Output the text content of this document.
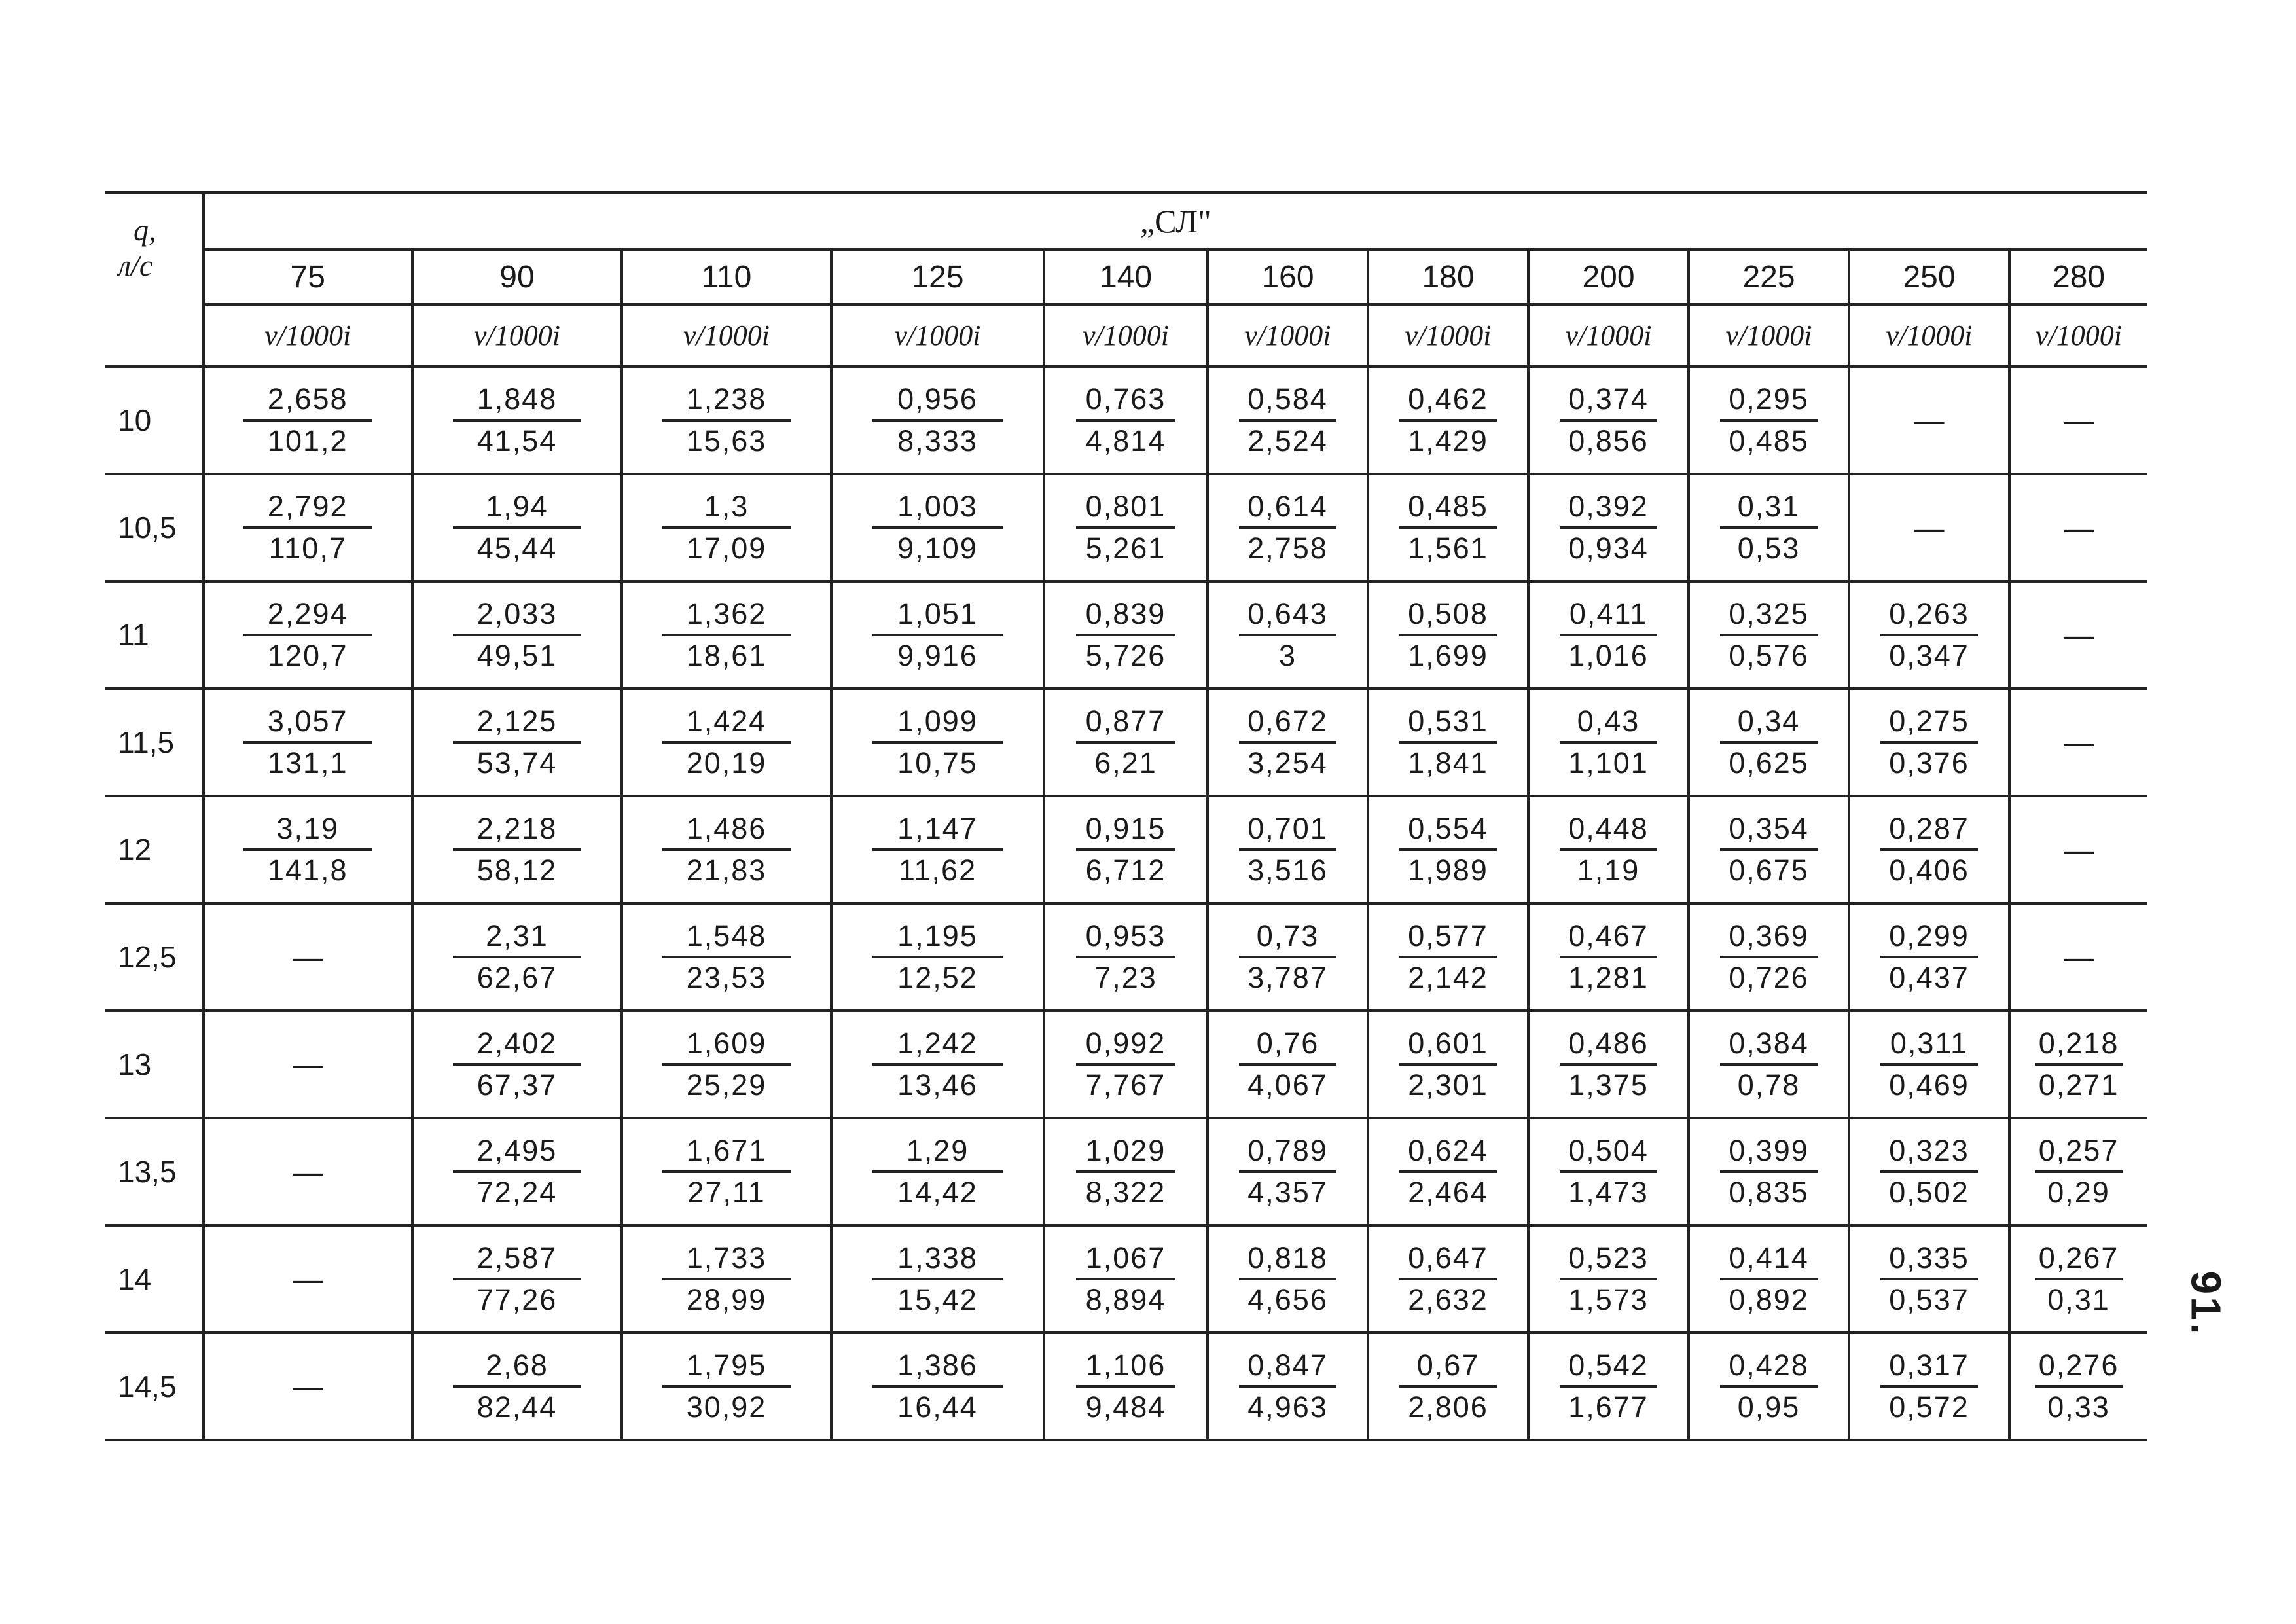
q,
л/с	„СЛ"										
	75	90	110	125	140	160	180	200	225	250	280
	v/1000i	v/1000i	v/1000i	v/1000i	v/1000i	v/1000i	v/1000i	v/1000i	v/1000i	v/1000i	v/1000i
10	$\frac{2,658}{101,2}$	$\frac{1,848}{41,54}$	$\frac{1,238}{15,63}$	$\frac{0,956}{8,333}$	$\frac{0,763}{4,814}$	$\frac{0,584}{2,524}$	$\frac{0,462}{1,429}$	$\frac{0,374}{0,856}$	$\frac{0,295}{0,485}$	—	—
10,5	$\frac{2,792}{110,7}$	$\frac{1,94}{45,44}$	$\frac{1,3}{17,09}$	$\frac{1,003}{9,109}$	$\frac{0,801}{5,261}$	$\frac{0,614}{2,758}$	$\frac{0,485}{1,561}$	$\frac{0,392}{0,934}$	$\frac{0,31}{0,53}$	—	—
11	$\frac{2,294}{120,7}$	$\frac{2,033}{49,51}$	$\frac{1,362}{18,61}$	$\frac{1,051}{9,916}$	$\frac{0,839}{5,726}$	$\frac{0,643}{3}$	$\frac{0,508}{1,699}$	$\frac{0,411}{1,016}$	$\frac{0,325}{0,576}$	$\frac{0,263}{0,347}$	—
11,5	$\frac{3,057}{131,1}$	$\frac{2,125}{53,74}$	$\frac{1,424}{20,19}$	$\frac{1,099}{10,75}$	$\frac{0,877}{6,21}$	$\frac{0,672}{3,254}$	$\frac{0,531}{1,841}$	$\frac{0,43}{1,101}$	$\frac{0,34}{0,625}$	$\frac{0,275}{0,376}$	—
12	$\frac{3,19}{141,8}$	$\frac{2,218}{58,12}$	$\frac{1,486}{21,83}$	$\frac{1,147}{11,62}$	$\frac{0,915}{6,712}$	$\frac{0,701}{3,516}$	$\frac{0,554}{1,989}$	$\frac{0,448}{1,19}$	$\frac{0,354}{0,675}$	$\frac{0,287}{0,406}$	—
12,5	—	$\frac{2,31}{62,67}$	$\frac{1,548}{23,53}$	$\frac{1,195}{12,52}$	$\frac{0,953}{7,23}$	$\frac{0,73}{3,787}$	$\frac{0,577}{2,142}$	$\frac{0,467}{1,281}$	$\frac{0,369}{0,726}$	$\frac{0,299}{0,437}$	—
13	—	$\frac{2,402}{67,37}$	$\frac{1,609}{25,29}$	$\frac{1,242}{13,46}$	$\frac{0,992}{7,767}$	$\frac{0,76}{4,067}$	$\frac{0,601}{2,301}$	$\frac{0,486}{1,375}$	$\frac{0,384}{0,78}$	$\frac{0,311}{0,469}$	$\frac{0,218}{0,271}$

13,5	—	$\frac{2,495}{72,24}$	$\frac{1,671}{27,11}$	$\frac{1,29}{14,42}$	$\frac{1,029}{8,322}$	$\frac{0,789}{4,357}$	$\frac{0,624}{2,464}$	$\frac{0,504}{1,473}$	$\frac{0,399}{0,835}$	$\frac{0,323}{0,502}$	$\frac{0,257}{0,29}$

14	—	$\frac{2,587}{77,26}$	$\frac{1,733}{28,99}$	$\frac{1,338}{15,42}$	$\frac{1,067}{8,894}$	$\frac{0,818}{4,656}$	$\frac{0,647}{2,632}$	$\frac{0,523}{1,573}$	$\frac{0,414}{0,892}$	$\frac{0,335}{0,537}$	$\frac{0,267}{0,31}$

14,5	—	$\frac{2,68}{82,44}$	$\frac{1,795}{30,92}$	$\frac{1,386}{16,44}$	$\frac{1,106}{9,484}$	$\frac{0,847}{4,963}$	$\frac{0,67}{2,806}$	$\frac{0,542}{1,677}$	$\frac{0,428}{0,95}$	$\frac{0,317}{0,572}$	$\frac{0,276}{0,33}$
91.
